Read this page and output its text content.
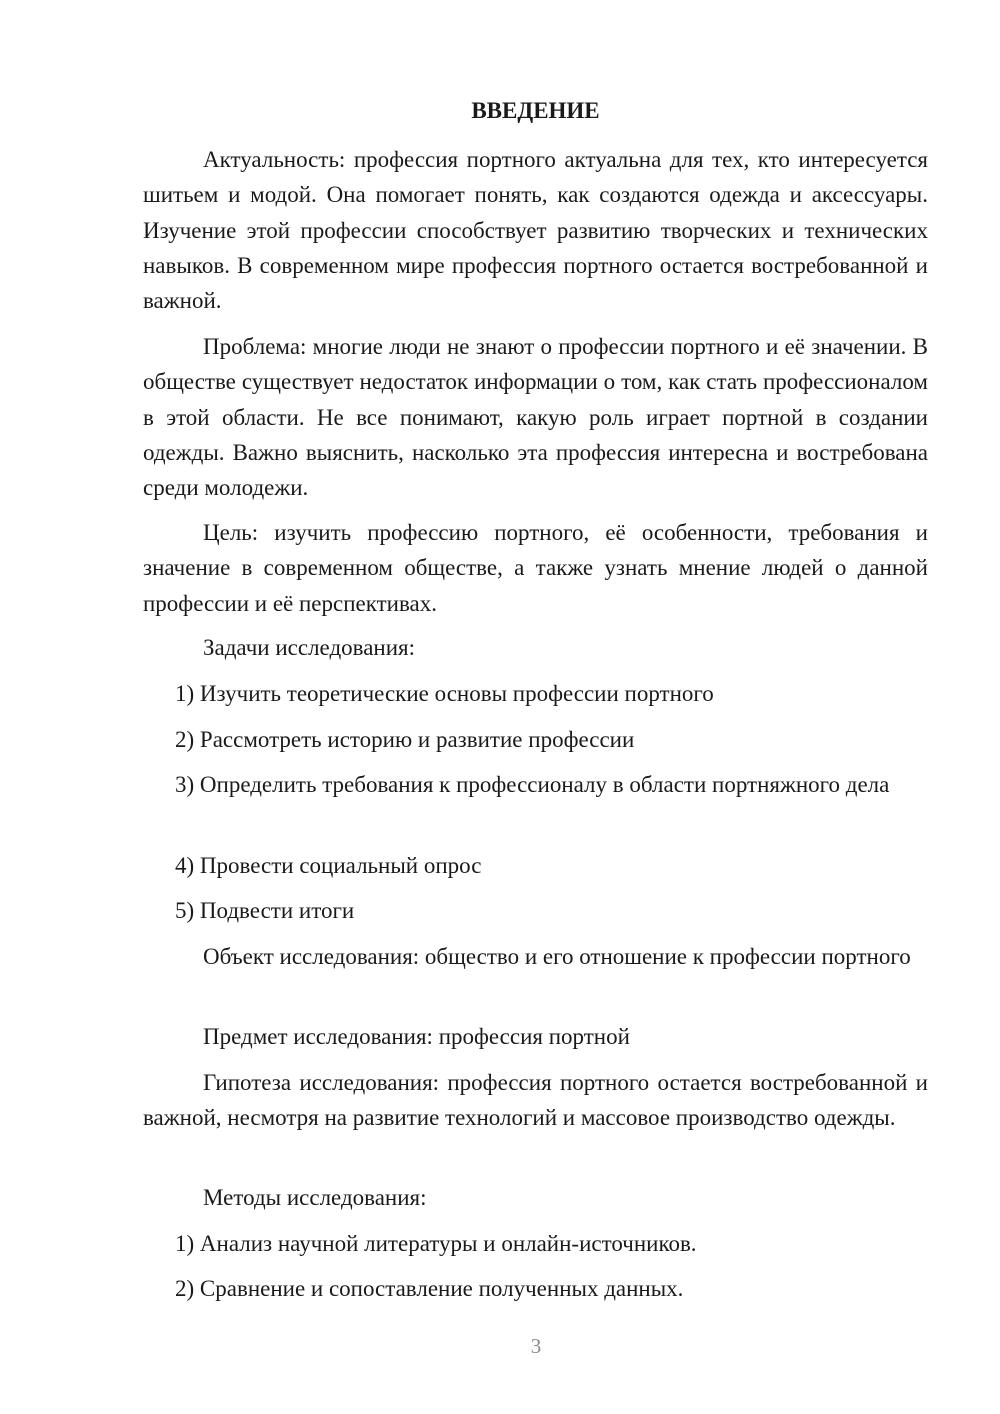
ВВЕДЕНИЕ

Актуальность: профессия портного актуальна для тех, кто интересуется шитьем и модой. Она помогает понять, как создаются одежда и аксессуары. Изучение этой профессии способствует развитию творческих и технических навыков. В современном мире профессия портного остается востребованной и важной.

Проблема: многие люди не знают о профессии портного и её значении. В обществе существует недостаток информации о том, как стать профессионалом в этой области. Не все понимают, какую роль играет портной в создании одежды. Важно выяснить, насколько эта профессия интересна и востребована среди молодежи.

Цель: изучить профессию портного, её особенности, требования и значение в современном обществе, а также узнать мнение людей о данной профессии и её перспективах.

Задачи исследования:

1) Изучить теоретические основы профессии портного

2) Рассмотреть историю и развитие профессии

3) Определить требования к профессионалу в области портняжного дела

4) Провести социальный опрос

5) Подвести итоги

Объект исследования: общество и его отношение к профессии портного

Предмет исследования: профессия портной

Гипотеза исследования: профессия портного остается востребованной и важной, несмотря на развитие технологий и массовое производство одежды.

Методы исследования:

1) Анализ научной литературы и онлайн-источников.

2) Сравнение и сопоставление полученных данных.

3
